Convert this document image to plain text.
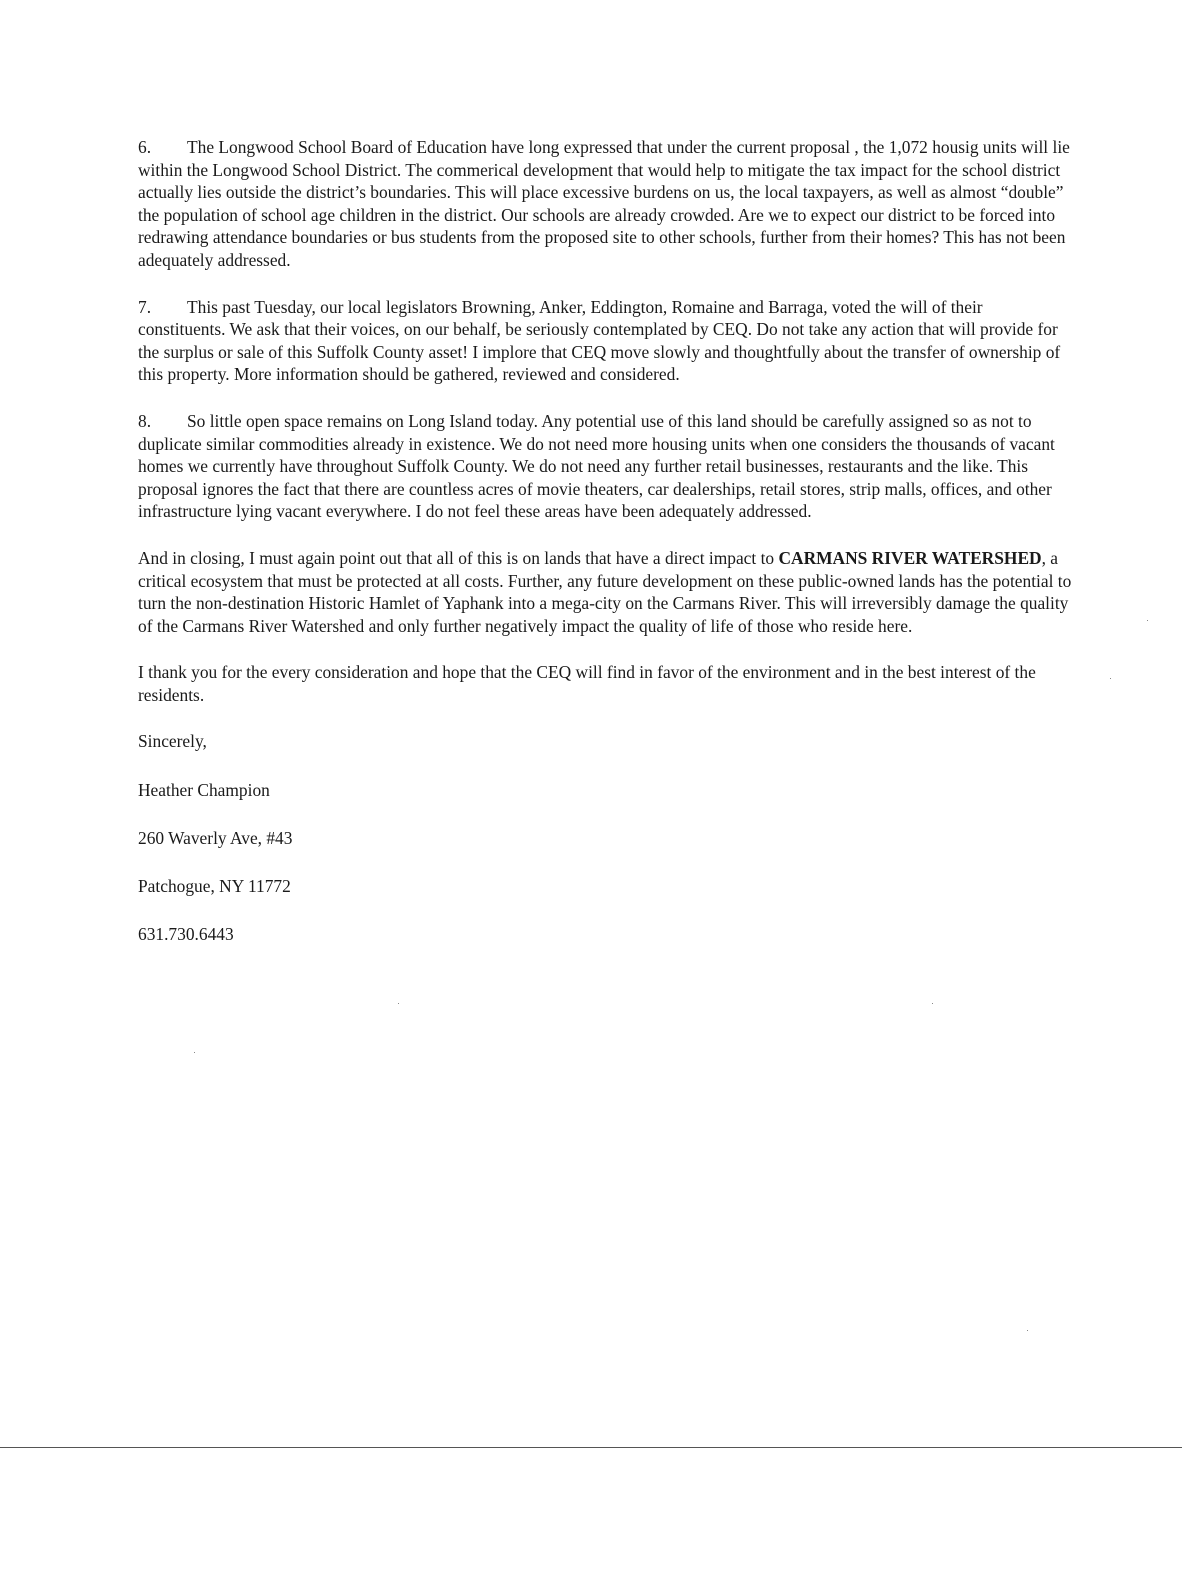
6. The Longwood School Board of Education have long expressed that under the current proposal , the 1,072 housig units will lie within the Longwood School District. The commerical development that would help to mitigate the tax impact for the school district actually lies outside the district’s boundaries. This will place excessive burdens on us, the local taxpayers, as well as almost “double” the population of school age children in the district. Our schools are already crowded. Are we to expect our district to be forced into redrawing attendance boundaries or bus students from the proposed site to other schools, further from their homes? This has not been adequately addressed.

7. This past Tuesday, our local legislators Browning, Anker, Eddington, Romaine and Barraga, voted the will of their constituents. We ask that their voices, on our behalf, be seriously contemplated by CEQ. Do not take any action that will provide for the surplus or sale of this Suffolk County asset! I implore that CEQ move slowly and thoughtfully about the transfer of ownership of this property. More information should be gathered, reviewed and considered.

8. So little open space remains on Long Island today. Any potential use of this land should be carefully assigned so as not to duplicate similar commodities already in existence. We do not need more housing units when one considers the thousands of vacant homes we currently have throughout Suffolk County. We do not need any further retail businesses, restaurants and the like. This proposal ignores the fact that there are countless acres of movie theaters, car dealerships, retail stores, strip malls, offices, and other infrastructure lying vacant everywhere. I do not feel these areas have been adequately addressed.

And in closing, I must again point out that all of this is on lands that have a direct impact to CARMANS RIVER WATERSHED, a critical ecosystem that must be protected at all costs. Further, any future development on these public-owned lands has the potential to turn the non-destination Historic Hamlet of Yaphank into a mega-city on the Carmans River. This will irreversibly damage the quality of the Carmans River Watershed and only further negatively impact the quality of life of those who reside here.

I thank you for the every consideration and hope that the CEQ will find in favor of the environment and in the best interest of the residents.

Sincerely,

Heather Champion

260 Waverly Ave, #43

Patchogue, NY 11772

631.730.6443
